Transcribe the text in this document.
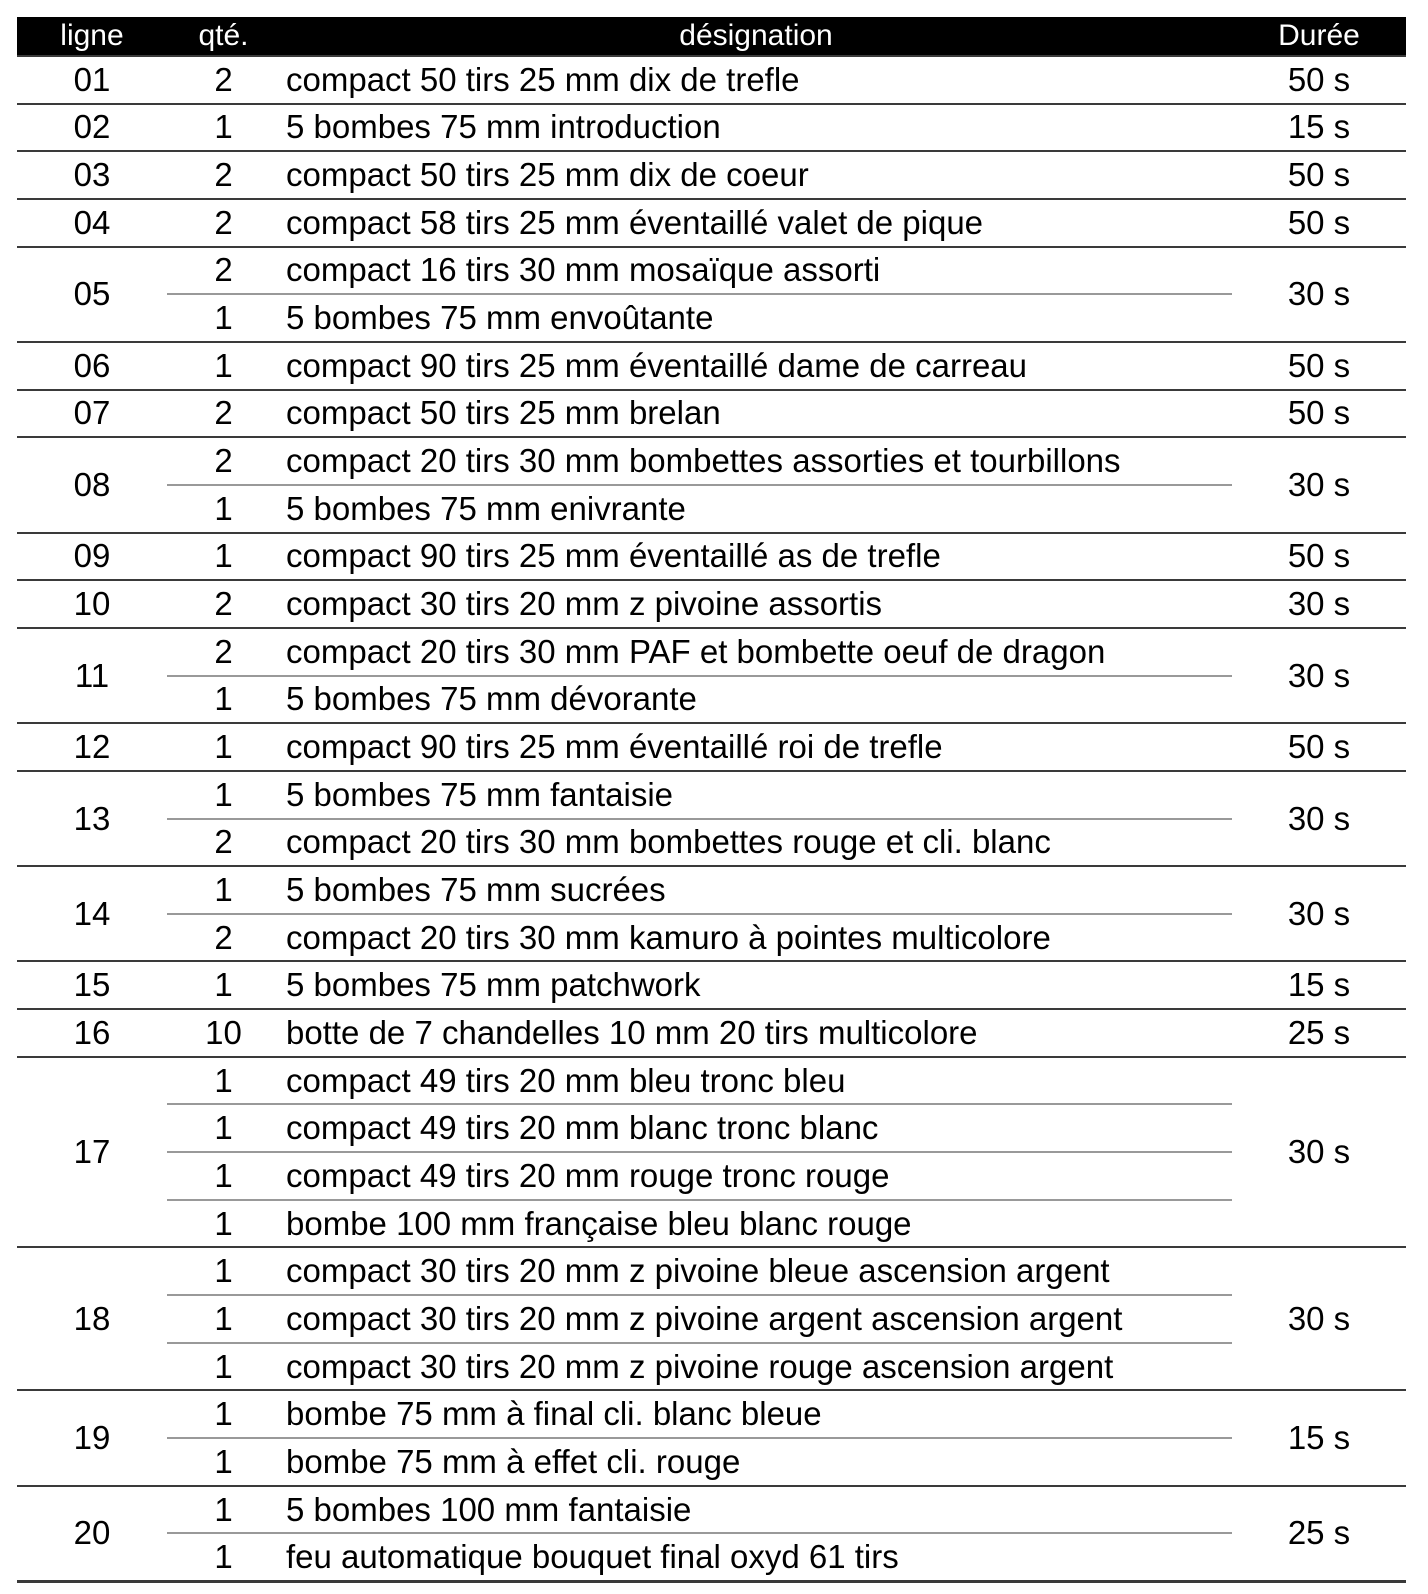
ligne	qté.	désignation	Durée
01	2	compact 50 tirs 25 mm dix de trefle	50 s
02	1	5 bombes 75 mm introduction	15 s
03	2	compact 50 tirs 25 mm dix de coeur	50 s
04	2	compact 58 tirs 25 mm éventaillé valet de pique	50 s
05	2	compact 16 tirs 30 mm mosaïque assorti	30 s
	1	5 bombes 75 mm envoûtante	
06	1	compact 90 tirs 25 mm éventaillé dame de carreau	50 s
07	2	compact 50 tirs 25 mm brelan	50 s
08	2	compact 20 tirs 30 mm bombettes assorties et tourbillons	30 s
	1	5 bombes 75 mm enivrante	
09	1	compact 90 tirs 25 mm éventaillé as de trefle	50 s
10	2	compact 30 tirs 20 mm z pivoine assortis	30 s
11	2	compact 20 tirs 30 mm PAF et bombette oeuf de dragon	30 s
	1	5 bombes 75 mm dévorante	
12	1	compact 90 tirs 25 mm éventaillé roi de trefle	50 s
13	1	5 bombes 75 mm fantaisie	30 s
	2	compact 20 tirs 30 mm bombettes rouge et cli. blanc	
14	1	5 bombes 75 mm sucrées	30 s
	2	compact 20 tirs 30 mm kamuro à pointes multicolore	
15	1	5 bombes 75 mm patchwork	15 s
16	10	botte de 7 chandelles 10 mm 20 tirs multicolore	25 s
17	1	compact 49 tirs 20 mm bleu tronc bleu	30 s
	1	compact 49 tirs 20 mm blanc tronc blanc	
	1	compact 49 tirs 20 mm rouge tronc rouge	
	1	bombe 100 mm française bleu blanc rouge	
18	1	compact 30 tirs 20 mm z pivoine bleue ascension argent	30 s
	1	compact 30 tirs 20 mm z pivoine argent ascension argent	
	1	compact 30 tirs 20 mm z pivoine rouge ascension argent	
19	1	bombe 75 mm à final cli. blanc bleue	15 s
	1	bombe 75 mm à effet cli. rouge	
20	1	5 bombes 100 mm fantaisie	25 s
	1	feu automatique bouquet final oxyd 61 tirs	
